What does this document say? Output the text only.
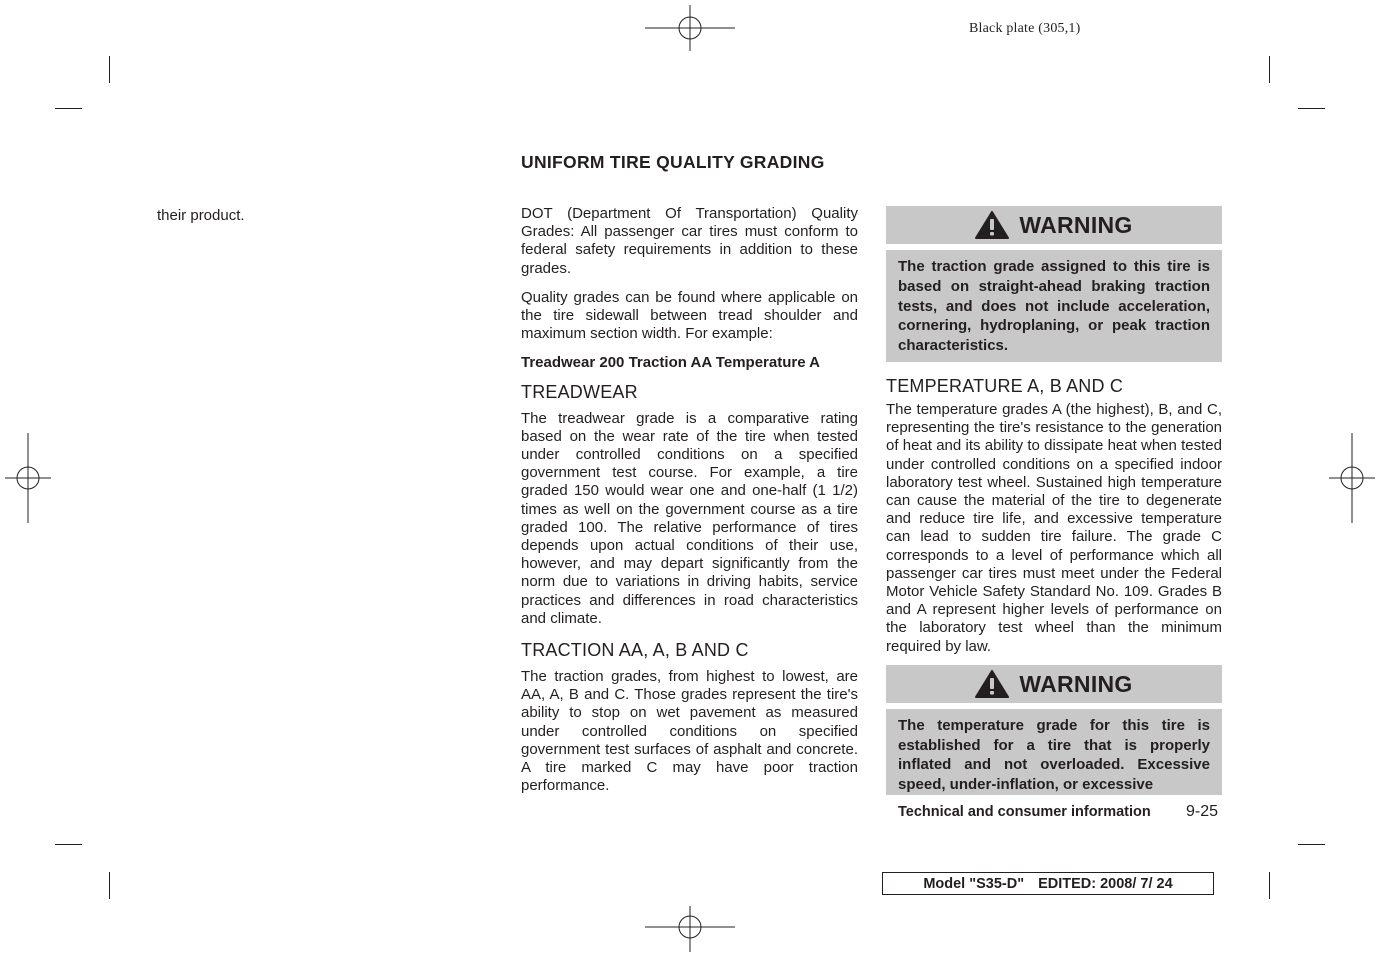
Black plate (305,1)
UNIFORM TIRE QUALITY GRADING
their product.	DOT (Department Of Transportation) Quality Grades: All passenger car tires must conform to federal safety requirements in addition to these grades.

Quality grades can be found where applicable on the tire sidewall between tread shoulder and maximum section width. For example:

Treadwear 200 Traction AA Temperature A

TREADWEAR

The treadwear grade is a comparative rating based on the wear rate of the tire when tested under controlled conditions on a specified government test course. For example, a tire graded 150 would wear one and one-half (1 1/2) times as well on the government course as a tire graded 100. The relative performance of tires depends upon actual conditions of their use, however, and may depart significantly from the norm due to variations in driving habits, service practices and differences in road characteristics and climate.

TRACTION AA, A, B AND C

The traction grades, from highest to lowest, are AA, A, B and C. Those grades represent the tire's ability to stop on wet pavement as measured under controlled conditions on specified government test surfaces of asphalt and concrete. A tire marked C may have poor traction performance.

WARNING
The traction grade assigned to this tire is based on straight-ahead braking traction tests, and does not include acceleration, cornering, hydroplaning, or peak traction characteristics.
TEMPERATURE A, B AND C

The temperature grades A (the highest), B, and C, representing the tire's resistance to the generation of heat and its ability to dissipate heat when tested under controlled conditions on a specified indoor laboratory test wheel. Sustained high temperature can cause the material of the tire to degenerate and reduce tire life, and excessive temperature can lead to sudden tire failure. The grade C corresponds to a level of performance which all passenger car tires must meet under the Federal Motor Vehicle Safety Standard No. 109. Grades B and A represent higher levels of performance on the laboratory test wheel than the minimum required by law.

WARNING
The temperature grade for this tire is established for a tire that is properly inflated and not overloaded. Excessive speed, under-inflation, or excessive
Technical and consumer information 9-25
Model "S35-D" EDITED: 2008/ 7/ 24
